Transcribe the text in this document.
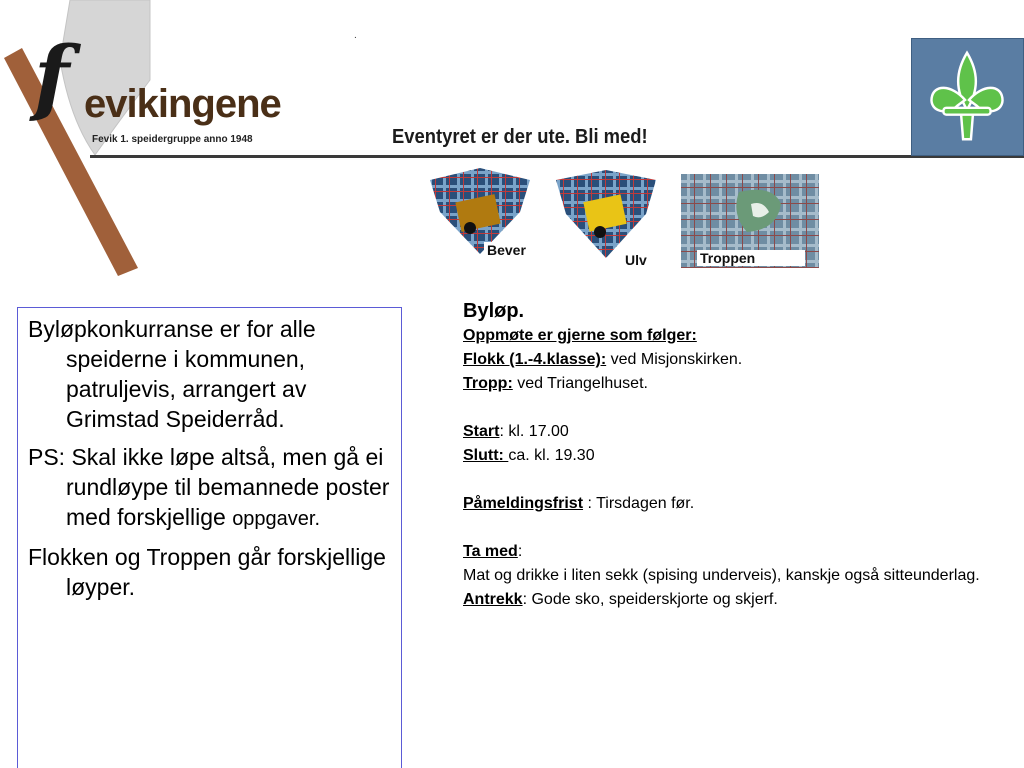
f evikingene
Fevik 1. speidergruppe anno 1948
.
Eventyret er der ute. Bli med!
Bever
Ulv	Troppen

Byløpkonkurranse er for alle speiderne i kommunen, patruljevis, arrangert av Grimstad Speiderråd.

PS: Skal ikke løpe altså, men gå ei rundløype til bemannede poster med forskjellige oppgaver.

Flokken og Troppen går forskjellige løyper.

Byløp.
Oppmøte er gjerne som følger:
Flokk (1.-4.klasse): ved Misjonskirken.
Tropp: ved Triangelhuset.
Start: kl. 17.00
Slutt: ca. kl. 19.30
Påmeldingsfrist : Tirsdagen før.
Ta med:
Mat og drikke i liten sekk (spising underveis), kanskje også sitteunderlag.
Antrekk: Gode sko, speiderskjorte og skjerf.
